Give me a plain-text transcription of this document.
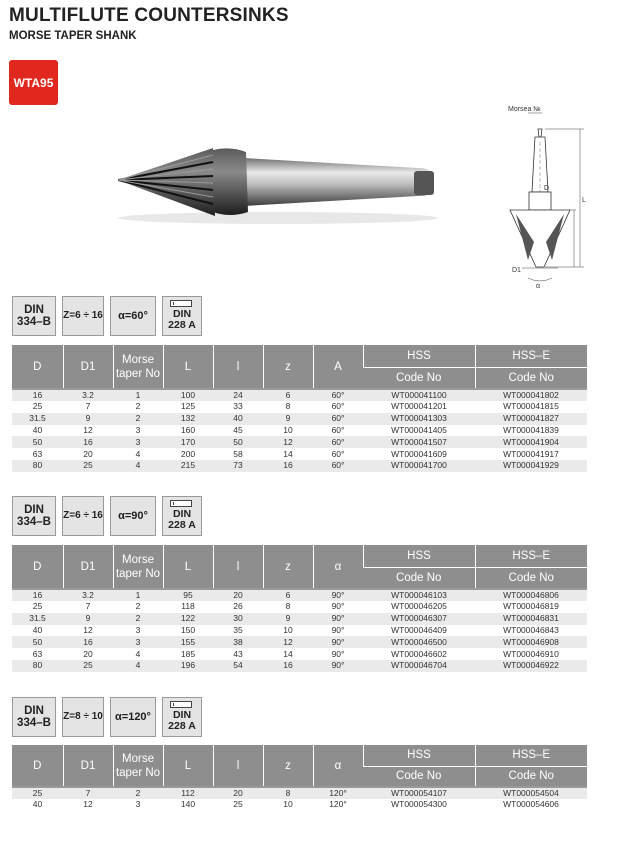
MULTIFLUTE COUNTERSINKS
MORSE TAPER SHANK
WTA95
Morsea №
D
L
D1
α
DIN
334–B
Z=6 ÷ 16	α=60°	DIN
228 A
D	D1	Morse taper No	L	l	z	A	HSS	HSS–E
							Code No	Code No
16	3.2	1	100	24	6	60°	WT000041100	WT000041802
25	7	2	125	33	8	60°	WT000041201	WT000041815
31.5	9	2	132	40	9	60°	WT000041303	WT000041827
40	12	3	160	45	10	60°	WT000041405	WT000041839
50	16	3	170	50	12	60°	WT000041507	WT000041904
63	20	4	200	58	14	60°	WT000041609	WT000041917
80	25	4	215	73	16	60°	WT000041700	WT000041929
DIN
334–B
Z=6 ÷ 16	α=90°	DIN
228 A
D	D1	Morse taper No	L	l	z	α	HSS	HSS–E
							Code No	Code No
16	3.2	1	95	20	6	90°	WT000046103	WT000046806
25	7	2	118	26	8	90°	WT000046205	WT000046819
31.5	9	2	122	30	9	90°	WT000046307	WT000046831
40	12	3	150	35	10	90°	WT000046409	WT000046843
50	16	3	155	38	12	90°	WT000046500	WT000046908
63	20	4	185	43	14	90°	WT000046602	WT000046910
80	25	4	196	54	16	90°	WT000046704	WT000046922
DIN
334–B
Z=8 ÷ 10	α=120°	DIN
228 A
D	D1	Morse taper No	L	l	z	α	HSS	HSS–E
							Code No	Code No
25	7	2	112	20	8	120°	WT000054107	WT000054504
40	12	3	140	25	10	120°	WT000054300	WT000054606
